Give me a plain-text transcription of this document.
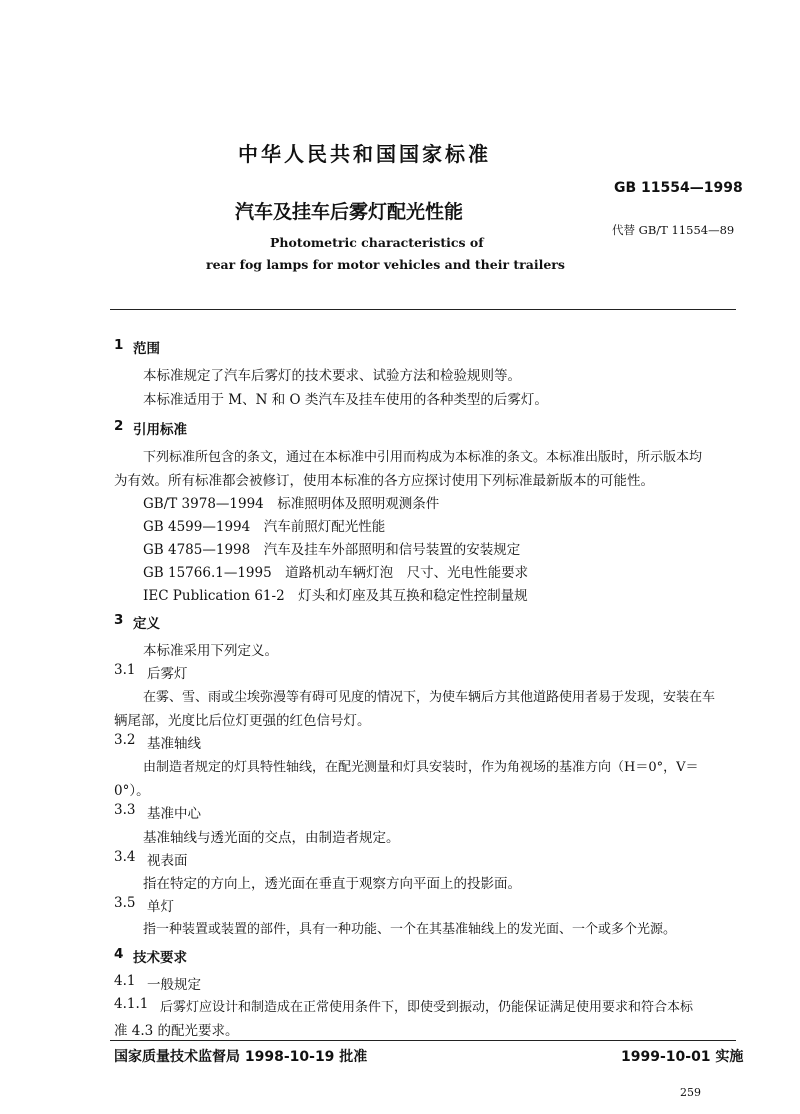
中华人民共和国国家标准
GB 11554—1998
汽车及挂车后雾灯配光性能
代替 GB/T 11554—89
Photometric characteristics of
rear fog lamps for motor vehicles and their trailers
1 范围
本标准规定了汽车后雾灯的技术要求、试验方法和检验规则等。
本标准适用于 M、N 和 O 类汽车及挂车使用的各种类型的后雾灯。
2 引用标准
下列标准所包含的条文，通过在本标准中引用而构成为本标准的条文。本标准出版时，所示版本均
为有效。所有标准都会被修订，使用本标准的各方应探讨使用下列标准最新版本的可能性。
GB/T 3978—1994　标准照明体及照明观测条件
GB 4599—1994　汽车前照灯配光性能
GB 4785—1998　汽车及挂车外部照明和信号装置的安装规定
GB 15766.1—1995　道路机动车辆灯泡　尺寸、光电性能要求
IEC Publication 61-2　灯头和灯座及其互换和稳定性控制量规
3 定义
本标准采用下列定义。
3.1 后雾灯
在雾、雪、雨或尘埃弥漫等有碍可见度的情况下，为使车辆后方其他道路使用者易于发现，安装在车
辆尾部，光度比后位灯更强的红色信号灯。
3.2 基准轴线
由制造者规定的灯具特性轴线，在配光测量和灯具安装时，作为角视场的基准方向（H＝0°，V＝
0°）。
3.3 基准中心
基准轴线与透光面的交点，由制造者规定。
3.4 视表面
指在特定的方向上，透光面在垂直于观察方向平面上的投影面。
3.5 单灯
指一种装置或装置的部件，具有一种功能、一个在其基准轴线上的发光面、一个或多个光源。
4 技术要求
4.1 一般规定
4.1.1 后雾灯应设计和制造成在正常使用条件下，即使受到振动，仍能保证满足使用要求和符合本标
准 4.3 的配光要求。
国家质量技术监督局 1998-10-19 批准	1999-10-01 实施
259
